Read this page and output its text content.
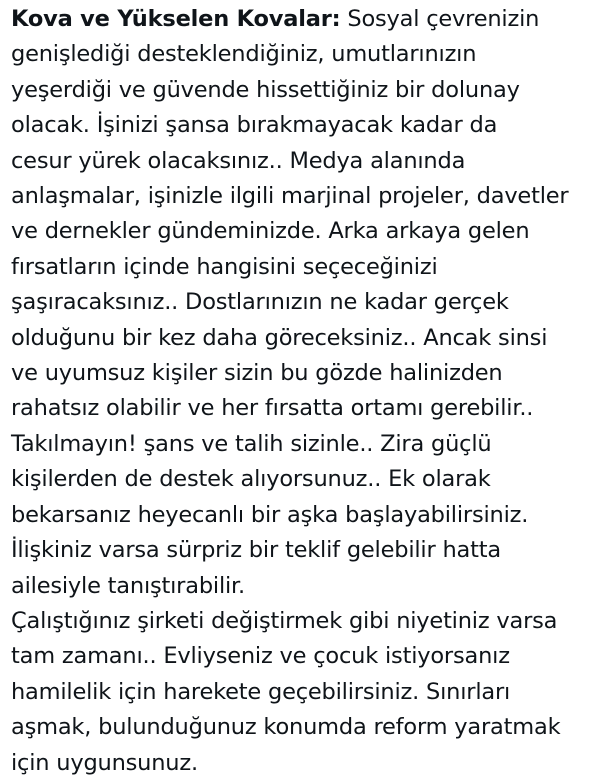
Kova ve Yükselen Kovalar: Sosyal çevrenizin
genişlediği desteklendiğiniz, umutlarınızın
yeşerdiği ve güvende hissettiğiniz bir dolunay
olacak. İşinizi şansa bırakmayacak kadar da
cesur yürek olacaksınız.. Medya alanında
anlaşmalar, işinizle ilgili marjinal projeler, davetler
ve dernekler gündeminizde. Arka arkaya gelen
fırsatların içinde hangisini seçeceğinizi
şaşıracaksınız.. Dostlarınızın ne kadar gerçek
olduğunu bir kez daha göreceksiniz.. Ancak sinsi
ve uyumsuz kişiler sizin bu gözde halinizden
rahatsız olabilir ve her fırsatta ortamı gerebilir..
Takılmayın! şans ve talih sizinle.. Zira güçlü
kişilerden de destek alıyorsunuz.. Ek olarak
bekarsanız heyecanlı bir aşka başlayabilirsiniz.
İlişkiniz varsa sürpriz bir teklif gelebilir hatta
ailesiyle tanıştırabilir.
Çalıştığınız şirketi değiştirmek gibi niyetiniz varsa
tam zamanı.. Evliyseniz ve çocuk istiyorsanız
hamilelik için harekete geçebilirsiniz. Sınırları
aşmak, bulunduğunuz konumda reform yaratmak
için uygunsunuz.
